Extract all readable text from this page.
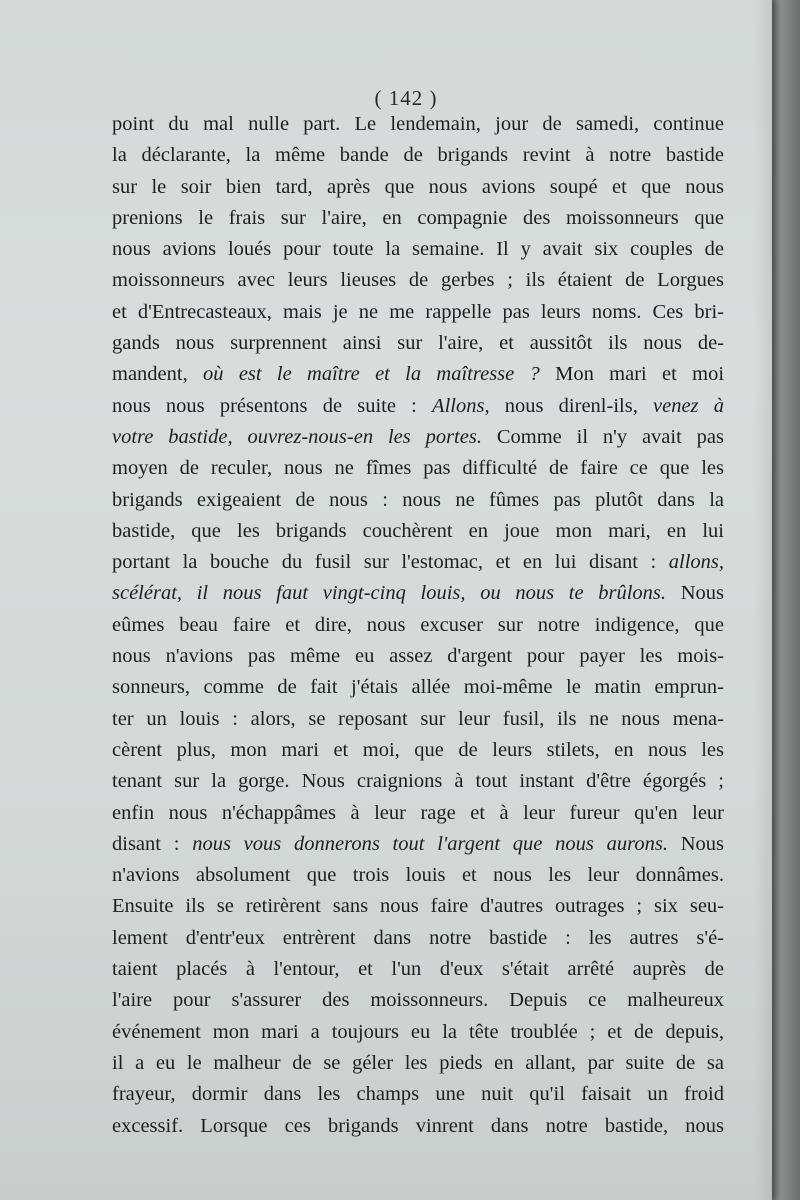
( 142 )
point du mal nulle part. Le lendemain, jour de samedi, continue
la déclarante, la même bande de brigands revint à notre bastide
sur le soir bien tard, après que nous avions soupé et que nous
prenions le frais sur l'aire, en compagnie des moissonneurs que
nous avions loués pour toute la semaine. Il y avait six couples de
moissonneurs avec leurs lieuses de gerbes ; ils étaient de Lorgues
et d'Entrecasteaux, mais je ne me rappelle pas leurs noms. Ces bri-
gands nous surprennent ainsi sur l'aire, et aussitôt ils nous de-
mandent, où est le maître et la maîtresse ? Mon mari et moi
nous nous présentons de suite : Allons, nous direnl-ils, venez à
votre bastide, ouvrez-nous-en les portes. Comme il n'y avait pas
moyen de reculer, nous ne fîmes pas difficulté de faire ce que les
brigands exigeaient de nous : nous ne fûmes pas plutôt dans la
bastide, que les brigands couchèrent en joue mon mari, en lui
portant la bouche du fusil sur l'estomac, et en lui disant : allons,
scélérat, il nous faut vingt-cinq louis, ou nous te brûlons. Nous
eûmes beau faire et dire, nous excuser sur notre indigence, que
nous n'avions pas même eu assez d'argent pour payer les mois-
sonneurs, comme de fait j'étais allée moi-même le matin emprun-
ter un louis : alors, se reposant sur leur fusil, ils ne nous mena-
cèrent plus, mon mari et moi, que de leurs stilets, en nous les
tenant sur la gorge. Nous craignions à tout instant d'être égorgés ;
enfin nous n'échappâmes à leur rage et à leur fureur qu'en leur
disant : nous vous donnerons tout l'argent que nous aurons. Nous
n'avions absolument que trois louis et nous les leur donnâmes.
Ensuite ils se retirèrent sans nous faire d'autres outrages ; six seu-
lement d'entr'eux entrèrent dans notre bastide : les autres s'é-
taient placés à l'entour, et l'un d'eux s'était arrêté auprès de
l'aire pour s'assurer des moissonneurs. Depuis ce malheureux
événement mon mari a toujours eu la tête troublée ; et de depuis,
il a eu le malheur de se géler les pieds en allant, par suite de sa
frayeur, dormir dans les champs une nuit qu'il faisait un froid
excessif. Lorsque ces brigands vinrent dans notre bastide, nous
